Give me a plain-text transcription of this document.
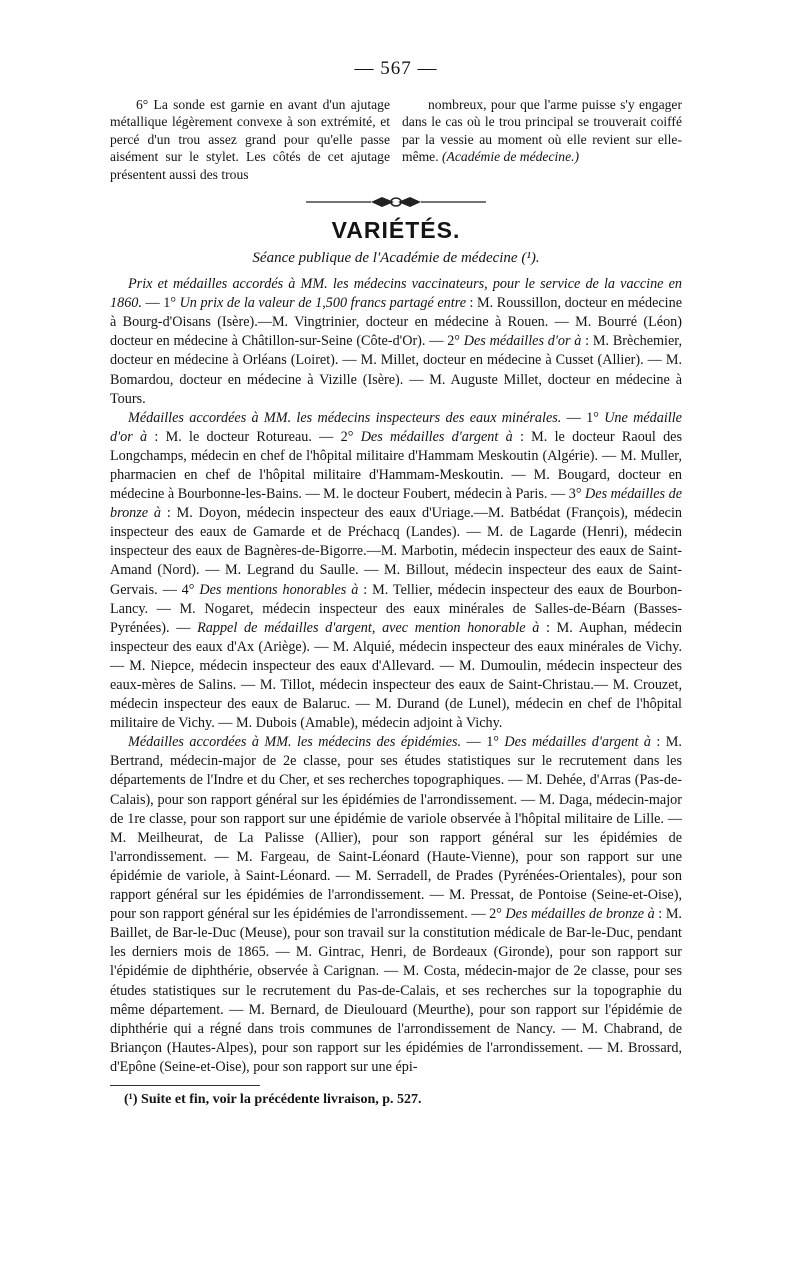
— 567 —

6° La sonde est garnie en avant d'un ajutage métallique légèrement convexe à son extrémité, et percé d'un trou assez grand pour qu'elle passe aisément sur le stylet. Les côtés de cet ajutage présentent aussi des trous

nombreux, pour que l'arme puisse s'y engager dans le cas où le trou principal se trouverait coiffé par la vessie au moment où elle revient sur elle-même. (Académie de médecine.)

VARIÉTÉS.
Séance publique de l'Académie de médecine (¹).

Prix et médailles accordés à MM. les médecins vaccinateurs, pour le service de la vaccine en 1860. — 1° Un prix de la valeur de 1,500 francs partagé entre : M. Roussillon, docteur en médecine à Bourg-d'Oisans (Isère).—M. Vingtrinier, docteur en médecine à Rouen. — M. Bourré (Léon) docteur en médecine à Châtillon-sur-Seine (Côte-d'Or). — 2° Des médailles d'or à : M. Brèchemier, docteur en médecine à Orléans (Loiret). — M. Millet, docteur en médecine à Cusset (Allier). — M. Bomardou, docteur en médecine à Vizille (Isère). — M. Auguste Millet, docteur en médecine à Tours.

Médailles accordées à MM. les médecins inspecteurs des eaux minérales. — 1° Une médaille d'or à : M. le docteur Rotureau. — 2° Des médailles d'argent à : M. le docteur Raoul des Longchamps, médecin en chef de l'hôpital militaire d'Hammam Meskoutin (Algérie). — M. Muller, pharmacien en chef de l'hôpital militaire d'Hammam-Meskoutin. — M. Bougard, docteur en médecine à Bourbonne-les-Bains. — M. le docteur Foubert, médecin à Paris. — 3° Des médailles de bronze à : M. Doyon, médecin inspecteur des eaux d'Uriage.—M. Batbédat (François), médecin inspecteur des eaux de Gamarde et de Préchacq (Landes). — M. de Lagarde (Henri), médecin inspecteur des eaux de Bagnères-de-Bigorre.—M. Marbotin, médecin inspecteur des eaux de Saint-Amand (Nord). — M. Legrand du Saulle. — M. Billout, médecin inspecteur des eaux de Saint-Gervais. — 4° Des mentions honorables à : M. Tellier, médecin inspecteur des eaux de Bourbon-Lancy. — M. Nogaret, médecin inspecteur des eaux minérales de Salles-de-Béarn (Basses-Pyrénées). — Rappel de médailles d'argent, avec mention honorable à : M. Auphan, médecin inspecteur des eaux d'Ax (Ariège). — M. Alquié, médecin inspecteur des eaux minérales de Vichy. — M. Niepce, médecin inspecteur des eaux d'Allevard. — M. Dumoulin, médecin inspecteur des eaux-mères de Salins. — M. Tillot, médecin inspecteur des eaux de Saint-Christau.— M. Crouzet, médecin inspecteur des eaux de Balaruc. — M. Durand (de Lunel), médecin en chef de l'hôpital militaire de Vichy. — M. Dubois (Amable), médecin adjoint à Vichy.

Médailles accordées à MM. les médecins des épidémies. — 1° Des médailles d'argent à : M. Bertrand, médecin-major de 2e classe, pour ses études statistiques sur le recrutement dans les départements de l'Indre et du Cher, et ses recherches topographiques. — M. Dehée, d'Arras (Pas-de-Calais), pour son rapport général sur les épidémies de l'arrondissement. — M. Daga, médecin-major de 1re classe, pour son rapport sur une épidémie de variole observée à l'hôpital militaire de Lille. — M. Meilheurat, de La Palisse (Allier), pour son rapport général sur les épidémies de l'arrondissement. — M. Fargeau, de Saint-Léonard (Haute-Vienne), pour son rapport sur une épidémie de variole, à Saint-Léonard. — M. Serradell, de Prades (Pyrénées-Orientales), pour son rapport général sur les épidémies de l'arrondissement. — M. Pressat, de Pontoise (Seine-et-Oise), pour son rapport général sur les épidémies de l'arrondissement. — 2° Des médailles de bronze à : M. Baillet, de Bar-le-Duc (Meuse), pour son travail sur la constitution médicale de Bar-le-Duc, pendant les derniers mois de 1865. — M. Gintrac, Henri, de Bordeaux (Gironde), pour son rapport sur l'épidémie de diphthérie, observée à Carignan. — M. Costa, médecin-major de 2e classe, pour ses études statistiques sur le recrutement du Pas-de-Calais, et ses recherches sur la topographie du même département. — M. Bernard, de Dieulouard (Meurthe), pour son rapport sur l'épidémie de diphthérie qui a régné dans trois communes de l'arrondissement de Nancy. — M. Chabrand, de Briançon (Hautes-Alpes), pour son rapport sur les épidémies de l'arrondissement. — M. Brossard, d'Epône (Seine-et-Oise), pour son rapport sur une épi-

(¹) Suite et fin, voir la précédente livraison, p. 527.
